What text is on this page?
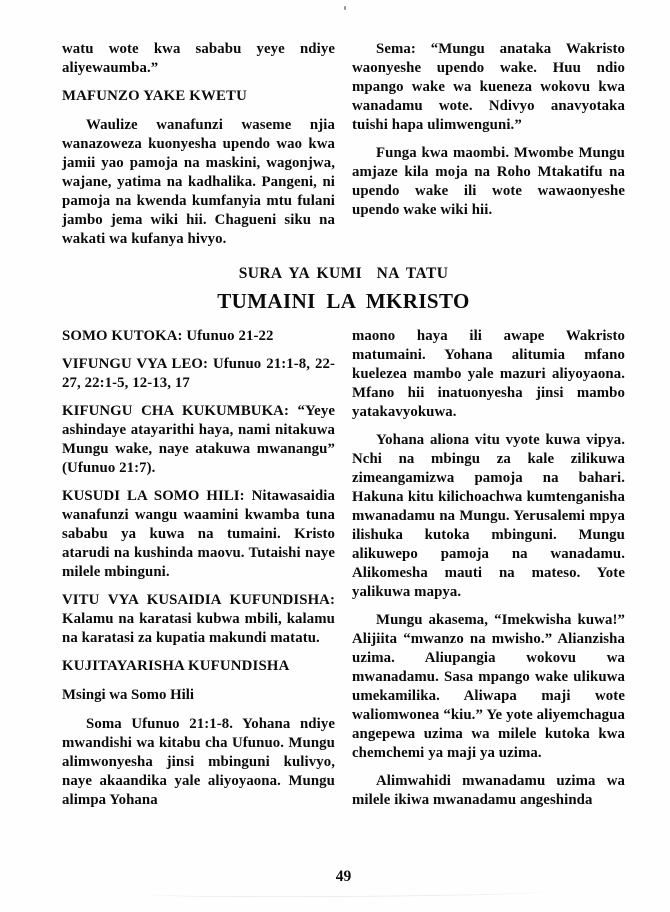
watu wote kwa sababu yeye ndiye aliyewaumba.”

MAFUNZO YAKE KWETU

Waulize wanafunzi waseme njia wanazoweza kuonyesha upendo wao kwa jamii yao pamoja na maskini, wagonjwa, wajane, yatima na kadhalika. Pangeni, ni pamoja na kwenda kumfanyia mtu fulani jambo jema wiki hii. Chagueni siku na wakati wa kufanya hivyo.

Sema: “Mungu anataka Wakristo waonyeshe upendo wake. Huu ndio mpango wake wa kueneza wokovu kwa wanadamu wote. Ndivyo anavyotaka tuishi hapa ulimwenguni.”

Funga kwa maombi. Mwombe Mungu amjaze kila moja na Roho Mtakatifu na upendo wake ili wote wawaonyeshe upendo wake wiki hii.

SURA YA KUMI  NA TATU
TUMAINI LA MKRISTO

SOMO KUTOKA: Ufunuo 21-22

VIFUNGU VYA LEO: Ufunuo 21:1-8, 22-27, 22:1-5, 12-13, 17

KIFUNGU CHA KUKUMBUKA: “Yeye ashindaye atayarithi haya, nami nitakuwa Mungu wake, naye atakuwa mwanangu” (Ufunuo 21:7).

KUSUDI LA SOMO HILI: Nitawasaidia wanafunzi wangu waamini kwamba tuna sababu ya kuwa na tumaini. Kristo atarudi na kushinda maovu. Tutaishi naye milele mbinguni.

VITU VYA KUSAIDIA KUFUNDISHA: Kalamu na karatasi kubwa mbili, kalamu na karatasi za kupatia makundi matatu.

KUJITAYARISHA KUFUNDISHA
Msingi wa Somo Hili

Soma Ufunuo 21:1-8. Yohana ndiye mwandishi wa kitabu cha Ufunuo. Mungu alimwonyesha jinsi mbinguni kulivyo, naye akaandika yale aliyoyaona. Mungu alimpa Yohana

maono haya ili awape Wakristo matumaini. Yohana alitumia mfano kuelezea mambo yale mazuri aliyoyaona. Mfano hii inatuonyesha jinsi mambo yatakavyokuwa.

Yohana aliona vitu vyote kuwa vipya. Nchi na mbingu za kale zilikuwa zimeangamizwa pamoja na bahari. Hakuna kitu kilichoachwa kumtenganisha mwanadamu na Mungu. Yerusalemi mpya ilishuka kutoka mbinguni. Mungu alikuwepo pamoja na wanadamu. Alikomesha mauti na mateso. Yote yalikuwa mapya.

Mungu akasema, “Imekwisha kuwa!” Alijiita “mwanzo na mwisho.” Alianzisha uzima. Aliupangia wokovu wa mwanadamu. Sasa mpango wake ulikuwa umekamilika. Aliwapa maji wote waliomwonea “kiu.” Ye yote aliyemchagua angepewa uzima wa milele kutoka kwa chemchemi ya maji ya uzima.

Alimwahidi mwanadamu uzima wa milele ikiwa mwanadamu angeshinda

49
